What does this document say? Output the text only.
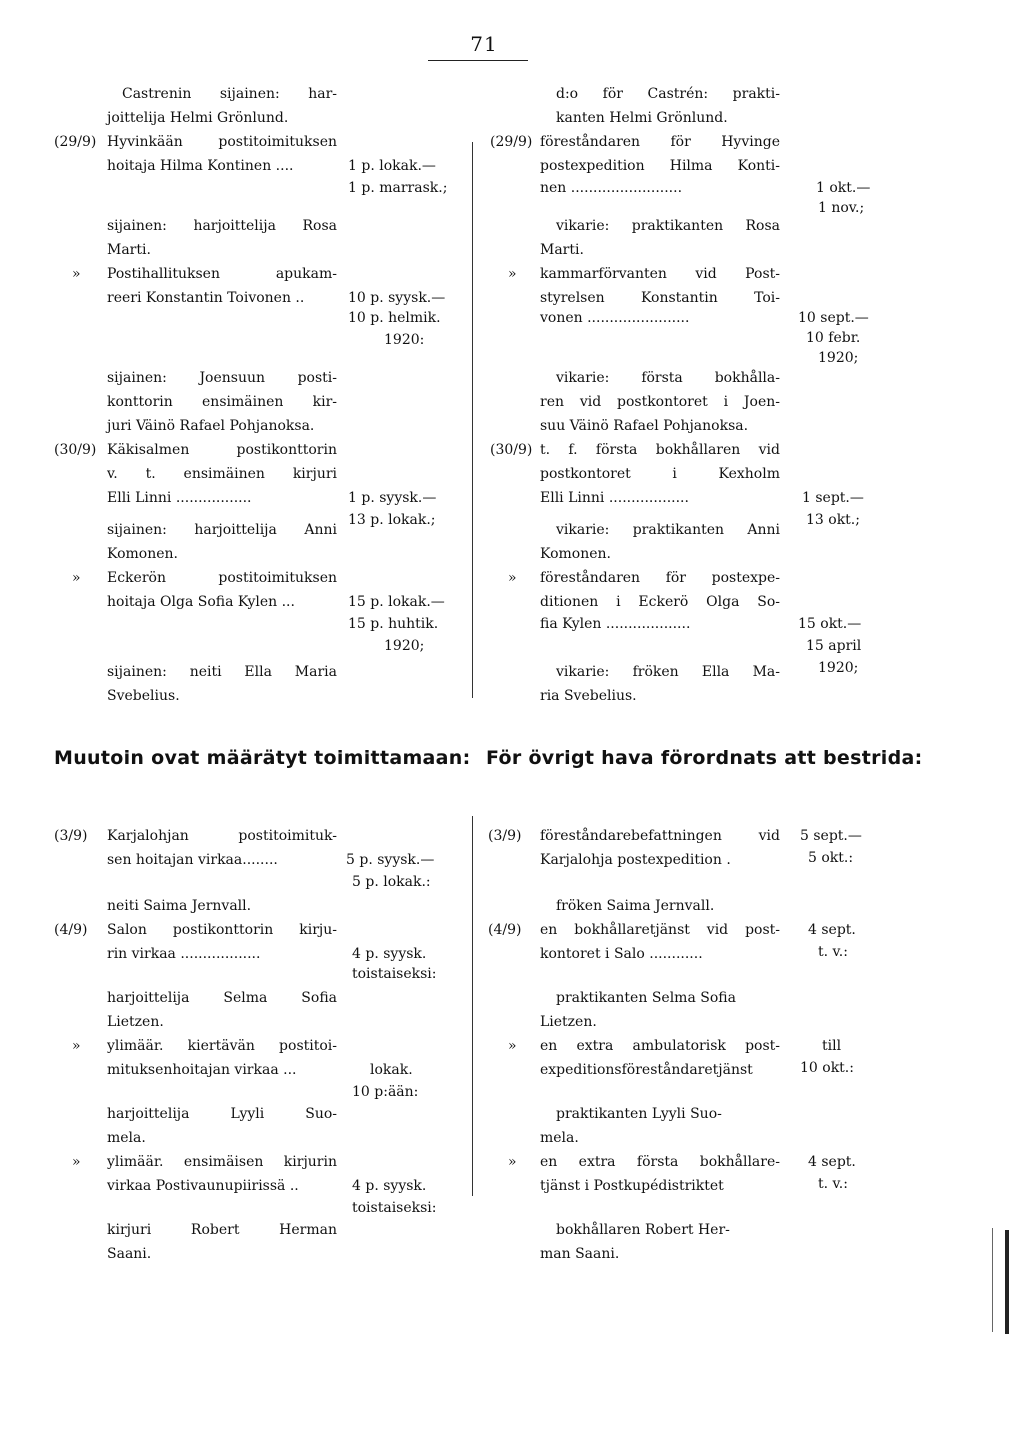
71
Castrenin sijainen: har-
joittelija Helmi Grönlund.
(29/9) Hyvinkään postitoimituksen
hoitaja Hilma Kontinen ....
sijainen: harjoittelija Rosa
Marti.
» Postihallituksen apukam-
reeri Konstantin Toivonen ..
sijainen: Joensuun posti-
konttorin ensimäinen kir-
juri Väinö Rafael Pohjanoksa.
(30/9) Käkisalmen postikonttorin
v. t. ensimäinen kirjuri
Elli Linni .................
sijainen: harjoittelija Anni
Komonen.
» Eckerön postitoimituksen
hoitaja Olga Sofia Kylen ...
sijainen: neiti Ella Maria
Svebelius.
1 p. lokak.—
1 p. marrask.;
10 p. syysk.—
10 p. helmik.
1920:
1 p. syysk.—
13 p. lokak.;
15 p. lokak.—
15 p. huhtik.
1920;
d:o för Castrén: prakti-
kanten Helmi Grönlund.
(29/9) föreståndaren för Hyvinge
postexpedition Hilma Konti-
nen .........................
vikarie: praktikanten Rosa
Marti.
» kammarförvanten vid Post-
styrelsen Konstantin Toi-
vonen .......................
vikarie: första bokhålla-
ren vid postkontoret i Joen-
suu Väinö Rafael Pohjanoksa.
(30/9) t. f. första bokhållaren vid
postkontoret i Kexholm
Elli Linni ..................
vikarie: praktikanten Anni
Komonen.
» föreståndaren för postexpe-
ditionen i Eckerö Olga So-
fia Kylen ...................
vikarie: fröken Ella Ma-
ria Svebelius.
1 okt.—
1 nov.;
10 sept.—
10 febr.
1920;
1 sept.—
13 okt.;
15 okt.—
15 april
1920;
Muutoin ovat määrätyt toimittamaan: För övrigt hava förordnats att bestrida:
(3/9) Karjalohjan postitoimituk-
sen hoitajan virkaa........
neiti Saima Jernvall.
(4/9) Salon postikonttorin kirju-
rin virkaa ..................
harjoittelija Selma Sofia
Lietzen.
» ylimäär. kiertävän postitoi-
mituksenhoitajan virkaa ...
harjoittelija Lyyli Suo-
mela.
» ylimäär. ensimäisen kirjurin
virkaa Postivaunupiirissä ..
kirjuri Robert Herman
Saani.
5 p. syysk.—
5 p. lokak.:
4 p. syysk.
toistaiseksi:
lokak.
10 p:ään:
4 p. syysk.
toistaiseksi:
(3/9) föreståndarebefattningen vid
Karjalohja postexpedition .
fröken Saima Jernvall.
(4/9) en bokhållaretjänst vid post-
kontoret i Salo ............
praktikanten Selma Sofia
Lietzen.
» en extra ambulatorisk post-
expeditionsföreståndaretjänst
praktikanten Lyyli Suo-
mela.
» en extra första bokhållare-
tjänst i Postkupédistriktet
bokhållaren Robert Her-
man Saani.
5 sept.—
5 okt.:
4 sept.
t. v.:
till
10 okt.:
4 sept.
t. v.:
